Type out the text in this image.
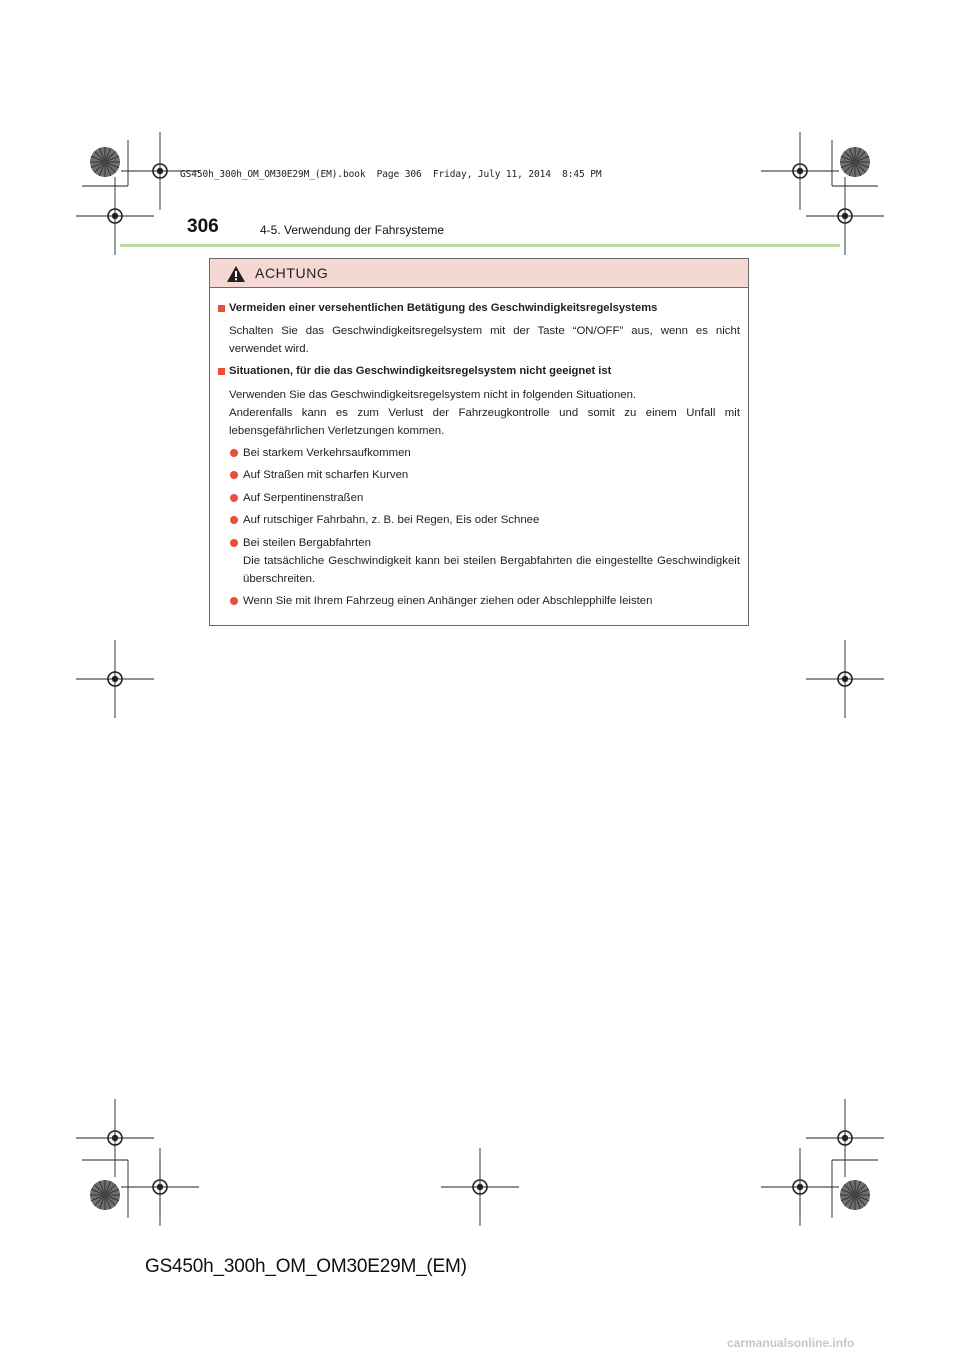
GS450h_300h_OM_OM30E29M_(EM).book  Page 306  Friday, July 11, 2014  8:45 PM
306	4-5. Verwendung der Fahrsysteme
ACHTUNG
Vermeiden einer versehentlichen Betätigung des Geschwindigkeitsregelsystems
Schalten Sie das Geschwindigkeitsregelsystem mit der Taste “ON/OFF” aus, wenn es nicht verwendet wird.
Situationen, für die das Geschwindigkeitsregelsystem nicht geeignet ist
Verwenden Sie das Geschwindigkeitsregelsystem nicht in folgenden Situationen.
Anderenfalls kann es zum Verlust der Fahrzeugkontrolle und somit zu einem Unfall mit lebensgefährlichen Verletzungen kommen.
Bei starkem Verkehrsaufkommen
Auf Straßen mit scharfen Kurven
Auf Serpentinenstraßen
Auf rutschiger Fahrbahn, z. B. bei Regen, Eis oder Schnee
Bei steilen Bergabfahrten
Die tatsächliche Geschwindigkeit kann bei steilen Bergabfahrten die eingestellte Geschwindigkeit überschreiten.
Wenn Sie mit Ihrem Fahrzeug einen Anhänger ziehen oder Abschlepphilfe leisten
GS450h_300h_OM_OM30E29M_(EM)
carmanualsonline.info
